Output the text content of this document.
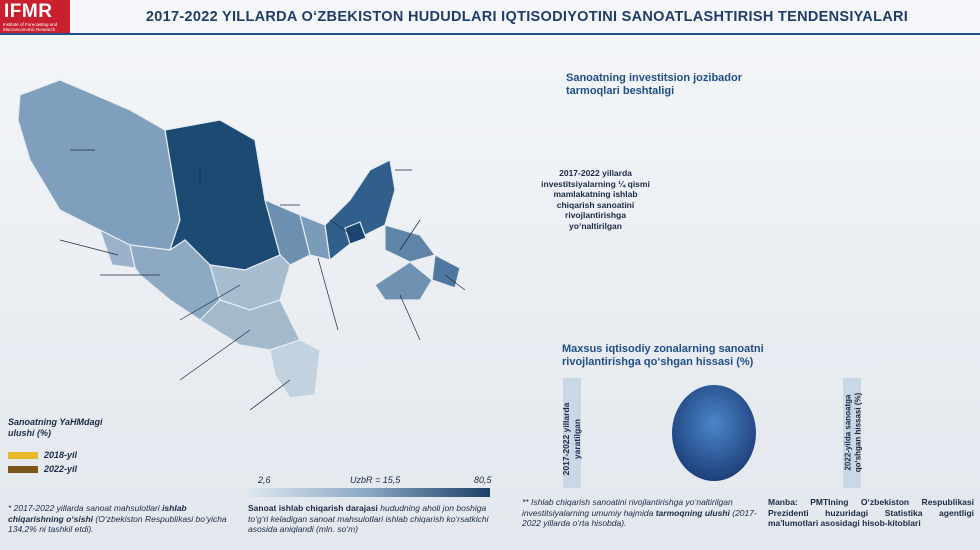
IFMR
Institute of Forecasting and Macroeconomic Research
2017-2022 YILLARDA O‘ZBEKISTON HUDUDLARI IQTISODIYOTINI SANOATLASHTIRISH TENDENSIYALARI
Sanoatning YaHMdagi ulushi (%)
2018-yil
2022-yil
2,6	UzbR = 15,5	80,5
Sanoat ishlab chiqarish darajasi hududning aholi jon boshiga to‘g‘ri keladigan sanoat mahsulotlari ishlab chiqarish ko‘rsatkichi asosida aniqlandi (mln. so‘m)
* 2017-2022 yillarda sanoat mahsulotlari ishlab chiqarishning o‘sishi (O‘zbekiston Respublikasi bo‘yicha 134,2% ni tashkil etdi).
Sanoatning investitsion jozibador tarmoqlari beshtaligi
2017-2022 yillarda investitsiyalarning ¼ qismi mamlakatning ishlab chiqarish sanoatini rivojlantirishga yo‘naltirilgan
Maxsus iqtisodiy zonalarning sanoatni rivojlantirishga qo‘shgan hissasi (%)
2017-2022 yillarda yaratilgan	2022-yilda sanoatga qo‘shgan hissasi (%)
** Ishlab chiqarish sanoatini rivojlantirishga yo‘naltirilgan investitsiyalarning umumiy hajmida tarmoqning ulushi (2017-2022 yillarda o‘rta hisobda).
Manba: PMTIning O‘zbekiston Respublikasi Prezidenti huzuridagi Statistika agentligi ma'lumotlari asosidagi hisob-kitoblari
